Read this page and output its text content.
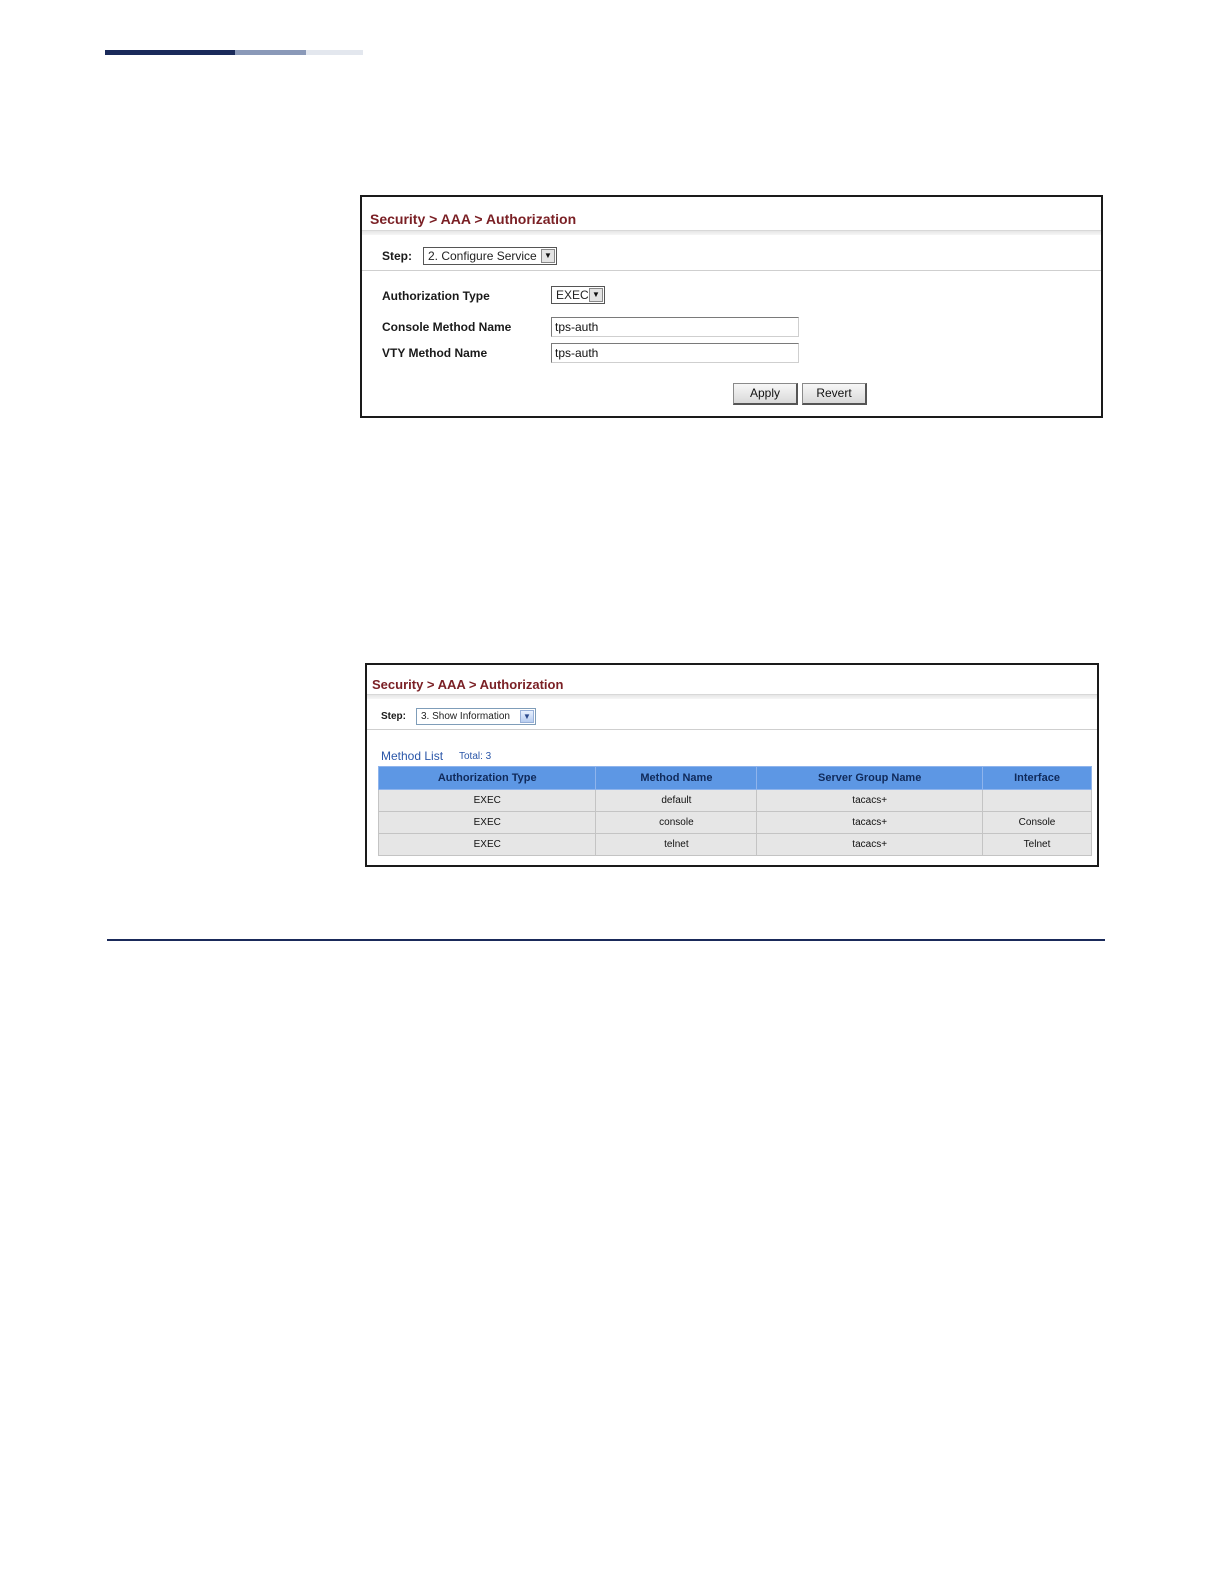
Security > AAA > Authorization
Step: 2. Configure Service ▼
Authorization Type	EXEC ▼
Console Method Name	tps-auth
VTY Method Name	tps-auth
Apply	Revert
Security > AAA > Authorization
Step: 3. Show Information	▼
Method List Total: 3
Authorization Type	Method Name	Server Group Name	Interface
EXEC	default	tacacs+	
EXEC	console	tacacs+	Console
EXEC	telnet	tacacs+	Telnet
